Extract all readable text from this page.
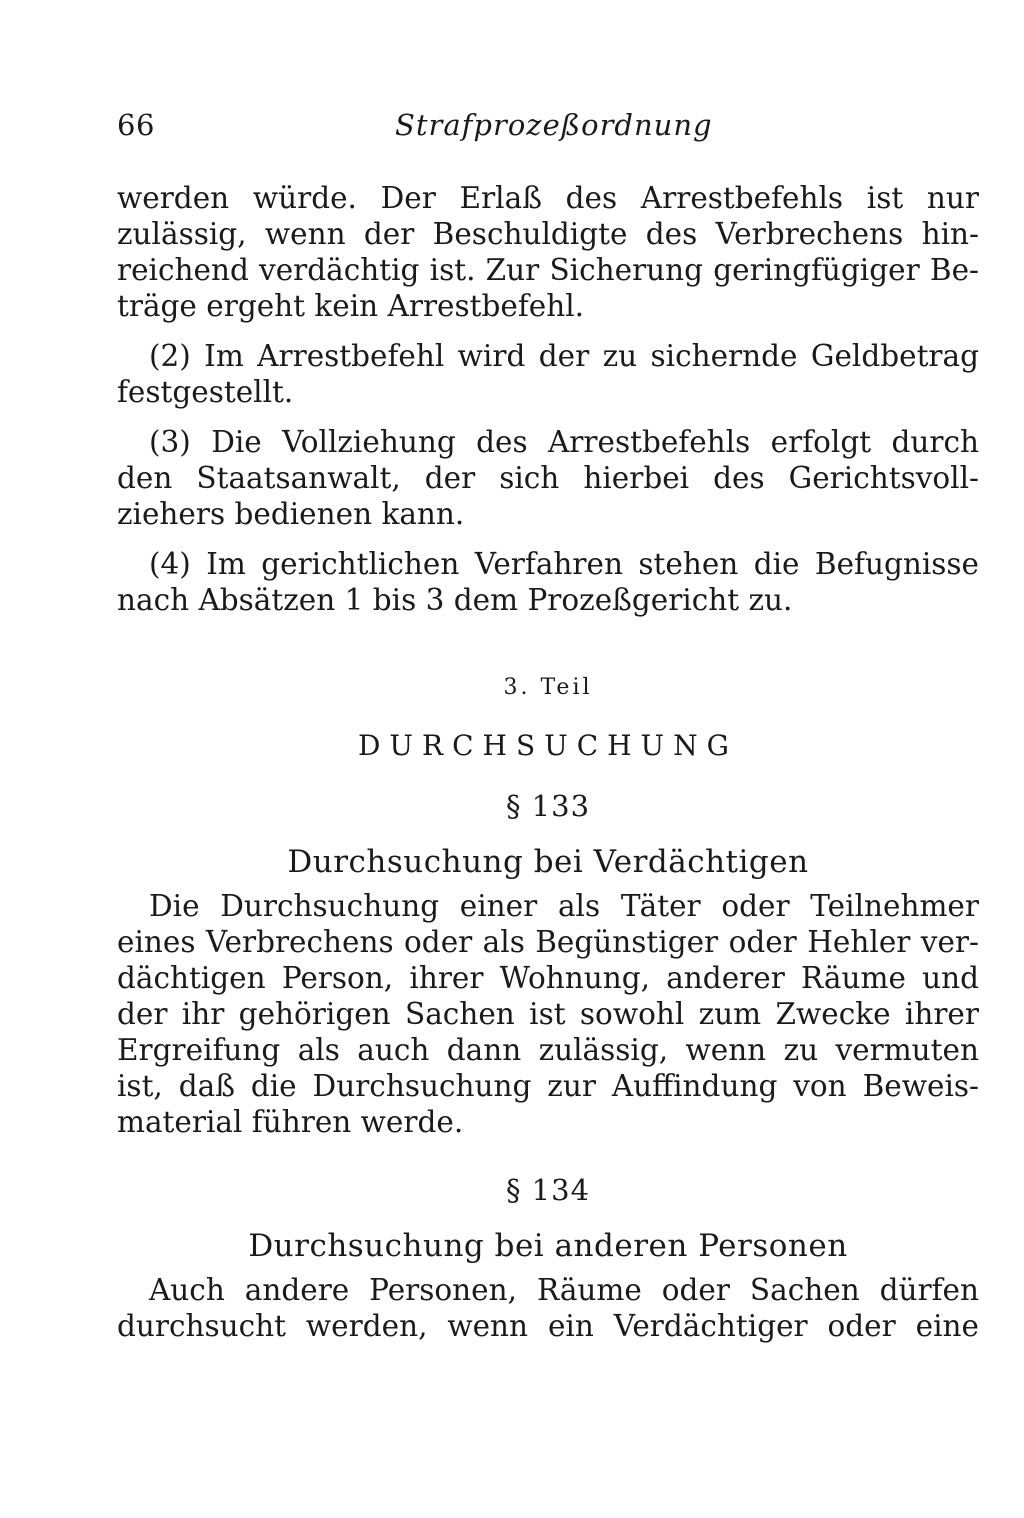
66	Strafprozeßordnung
werden würde. Der Erlaß des Arrestbefehls ist nur
zulässig, wenn der Beschuldigte des Verbrechens hin-
reichend verdächtig ist. Zur Sicherung geringfügiger Be-
träge ergeht kein Arrestbefehl.
(2) Im Arrestbefehl wird der zu sichernde Geldbetrag
festgestellt.
(3) Die Vollziehung des Arrestbefehls erfolgt durch
den Staatsanwalt, der sich hierbei des Gerichtsvoll-
ziehers bedienen kann.
(4) Im gerichtlichen Verfahren stehen die Befugnisse
nach Absätzen 1 bis 3 dem Prozeßgericht zu.
3. Teil
DURCHSUCHUNG
§ 133
Durchsuchung bei Verdächtigen
Die Durchsuchung einer als Täter oder Teilnehmer
eines Verbrechens oder als Begünstiger oder Hehler ver-
dächtigen Person, ihrer Wohnung, anderer Räume und
der ihr gehörigen Sachen ist sowohl zum Zwecke ihrer
Ergreifung als auch dann zulässig, wenn zu vermuten
ist, daß die Durchsuchung zur Auffindung von Beweis-
material führen werde.
§ 134
Durchsuchung bei anderen Personen
Auch andere Personen, Räume oder Sachen dürfen
durchsucht werden, wenn ein Verdächtiger oder eine
